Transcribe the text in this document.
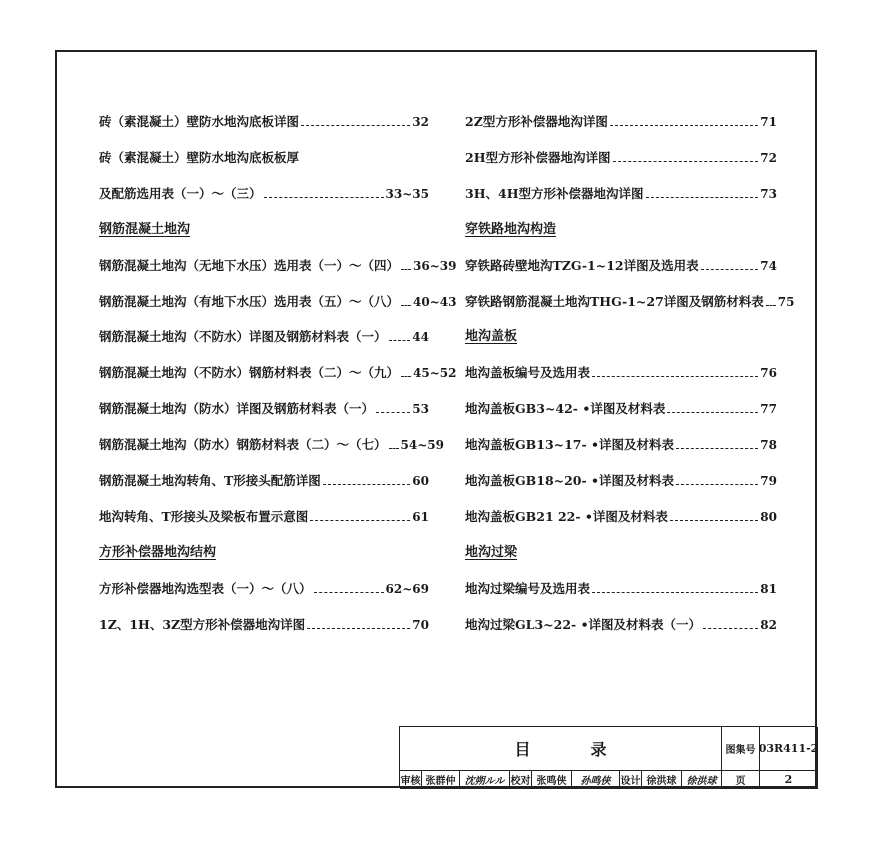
砖（素混凝土）壁防水地沟底板详图	32
砖（素混凝土）壁防水地沟底板板厚
及配筋选用表（一）～（三）	33~35
钢筋混凝土地沟
钢筋混凝土地沟（无地下水压）选用表（一）～（四） 36~39
钢筋混凝土地沟（有地下水压）选用表（五）～（八） 40~43
钢筋混凝土地沟（不防水）详图及钢筋材料表（一） 44
钢筋混凝土地沟（不防水）钢筋材料表（二）～（九） 45~52
钢筋混凝土地沟（防水）详图及钢筋材料表（一）	53
钢筋混凝土地沟（防水）钢筋材料表（二）～（七） 54~59
钢筋混凝土地沟转角、T形接头配筋详图	60
地沟转角、T形接头及梁板布置示意图	61
方形补偿器地沟结构
方形补偿器地沟选型表（一）～（八）	62~69
1Z、1H、3Z型方形补偿器地沟详图	70
2Z型方形补偿器地沟详图	71
2H型方形补偿器地沟详图	72
3H、4H型方形补偿器地沟详图	73
穿铁路地沟构造
穿铁路砖壁地沟TZG-1~12详图及选用表	74
穿铁路钢筋混凝土地沟THG-1~27详图及钢筋材料表 75
地沟盖板
地沟盖板编号及选用表	76
地沟盖板GB3~42- •详图及材料表	77
地沟盖板GB13~17- •详图及材料表	78
地沟盖板GB18~20- •详图及材料表	79
地沟盖板GB21 22- •详图及材料表	80
地沟过梁
地沟过梁编号及选用表	81
地沟过梁GL3~22- •详图及材料表（一）	82
目录	图集号 03R411-2
审核 张群仲 沈朔ルル 校对 张鸣侠	孙鸣侠	设计 徐洪球	徐洪球	页	2
